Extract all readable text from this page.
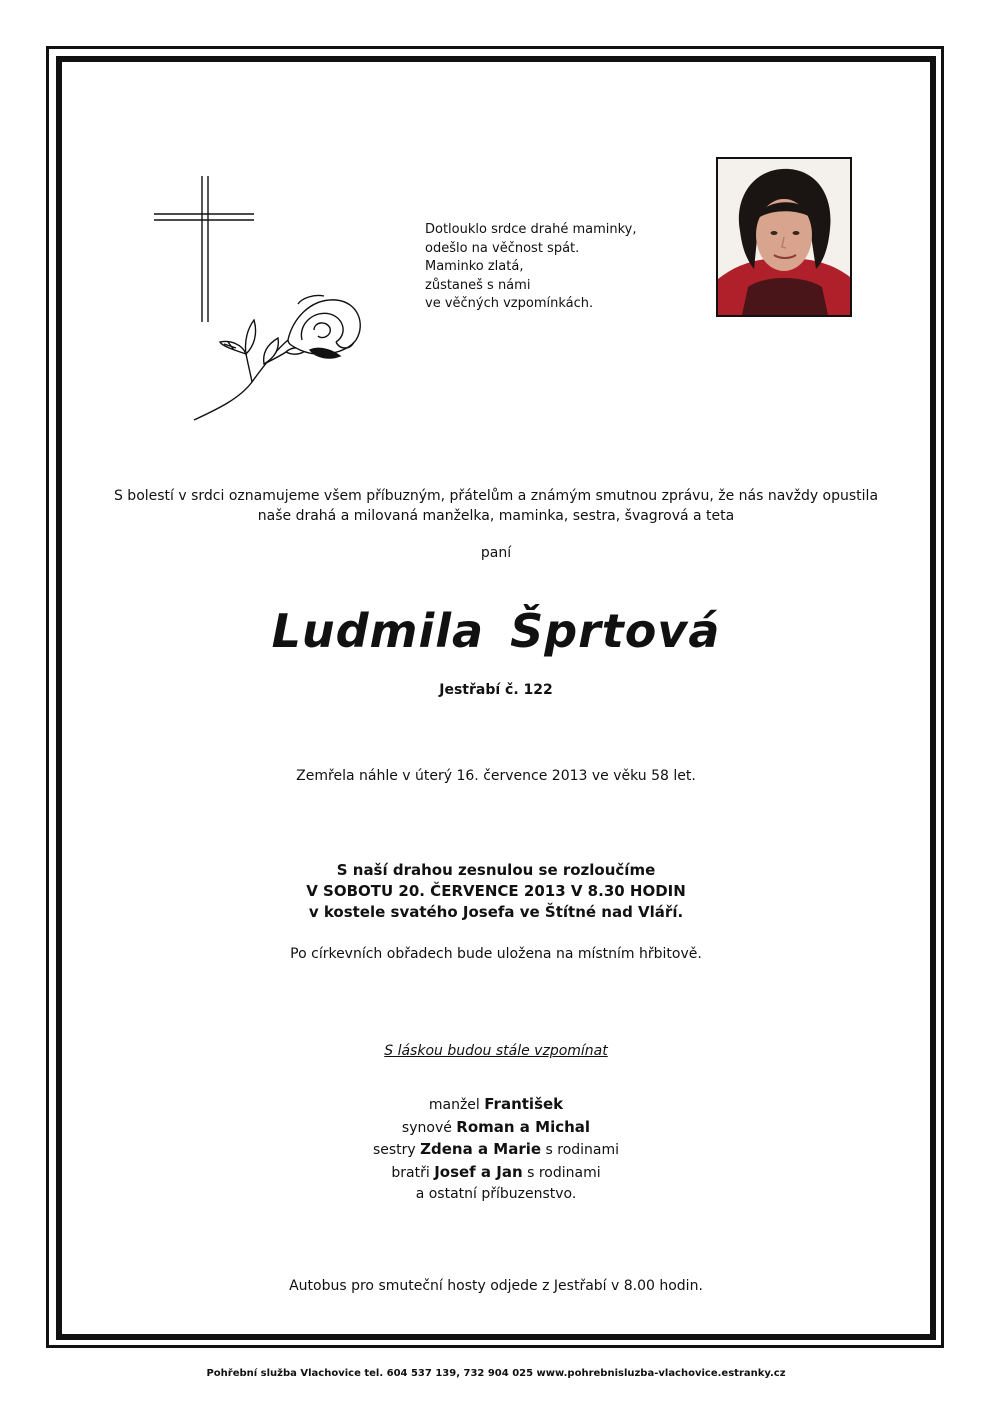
Dotlouklo srdce drahé maminky,
odešlo na věčnost spát.
Maminko zlatá,
zůstaneš s námi
ve věčných vzpomínkách.
S bolestí v srdci oznamujeme všem příbuzným, přátelům a známým smutnou zprávu, že nás navždy opustila
naše drahá a milovaná manželka, maminka, sestra, švagrová a teta
paní
Ludmila Šprtová
Jestřabí č. 122
Zemřela náhle v úterý 16. července 2013 ve věku 58 let.
S naší drahou zesnulou se rozloučíme
V SOBOTU 20. ČERVENCE 2013 V 8.30 HODIN
v kostele svatého Josefa ve Štítné nad Vláří.
Po církevních obřadech bude uložena na místním hřbitově.
S láskou budou stále vzpomínat
manžel František
synové Roman a Michal
sestry Zdena a Marie s rodinami
bratři Josef a Jan s rodinami
a ostatní příbuzenstvo.
Autobus pro smuteční hosty odjede z Jestřabí v 8.00 hodin.
Pohřební služba Vlachovice tel. 604 537 139, 732 904 025 www.pohrebnisluzba-vlachovice.estranky.cz
